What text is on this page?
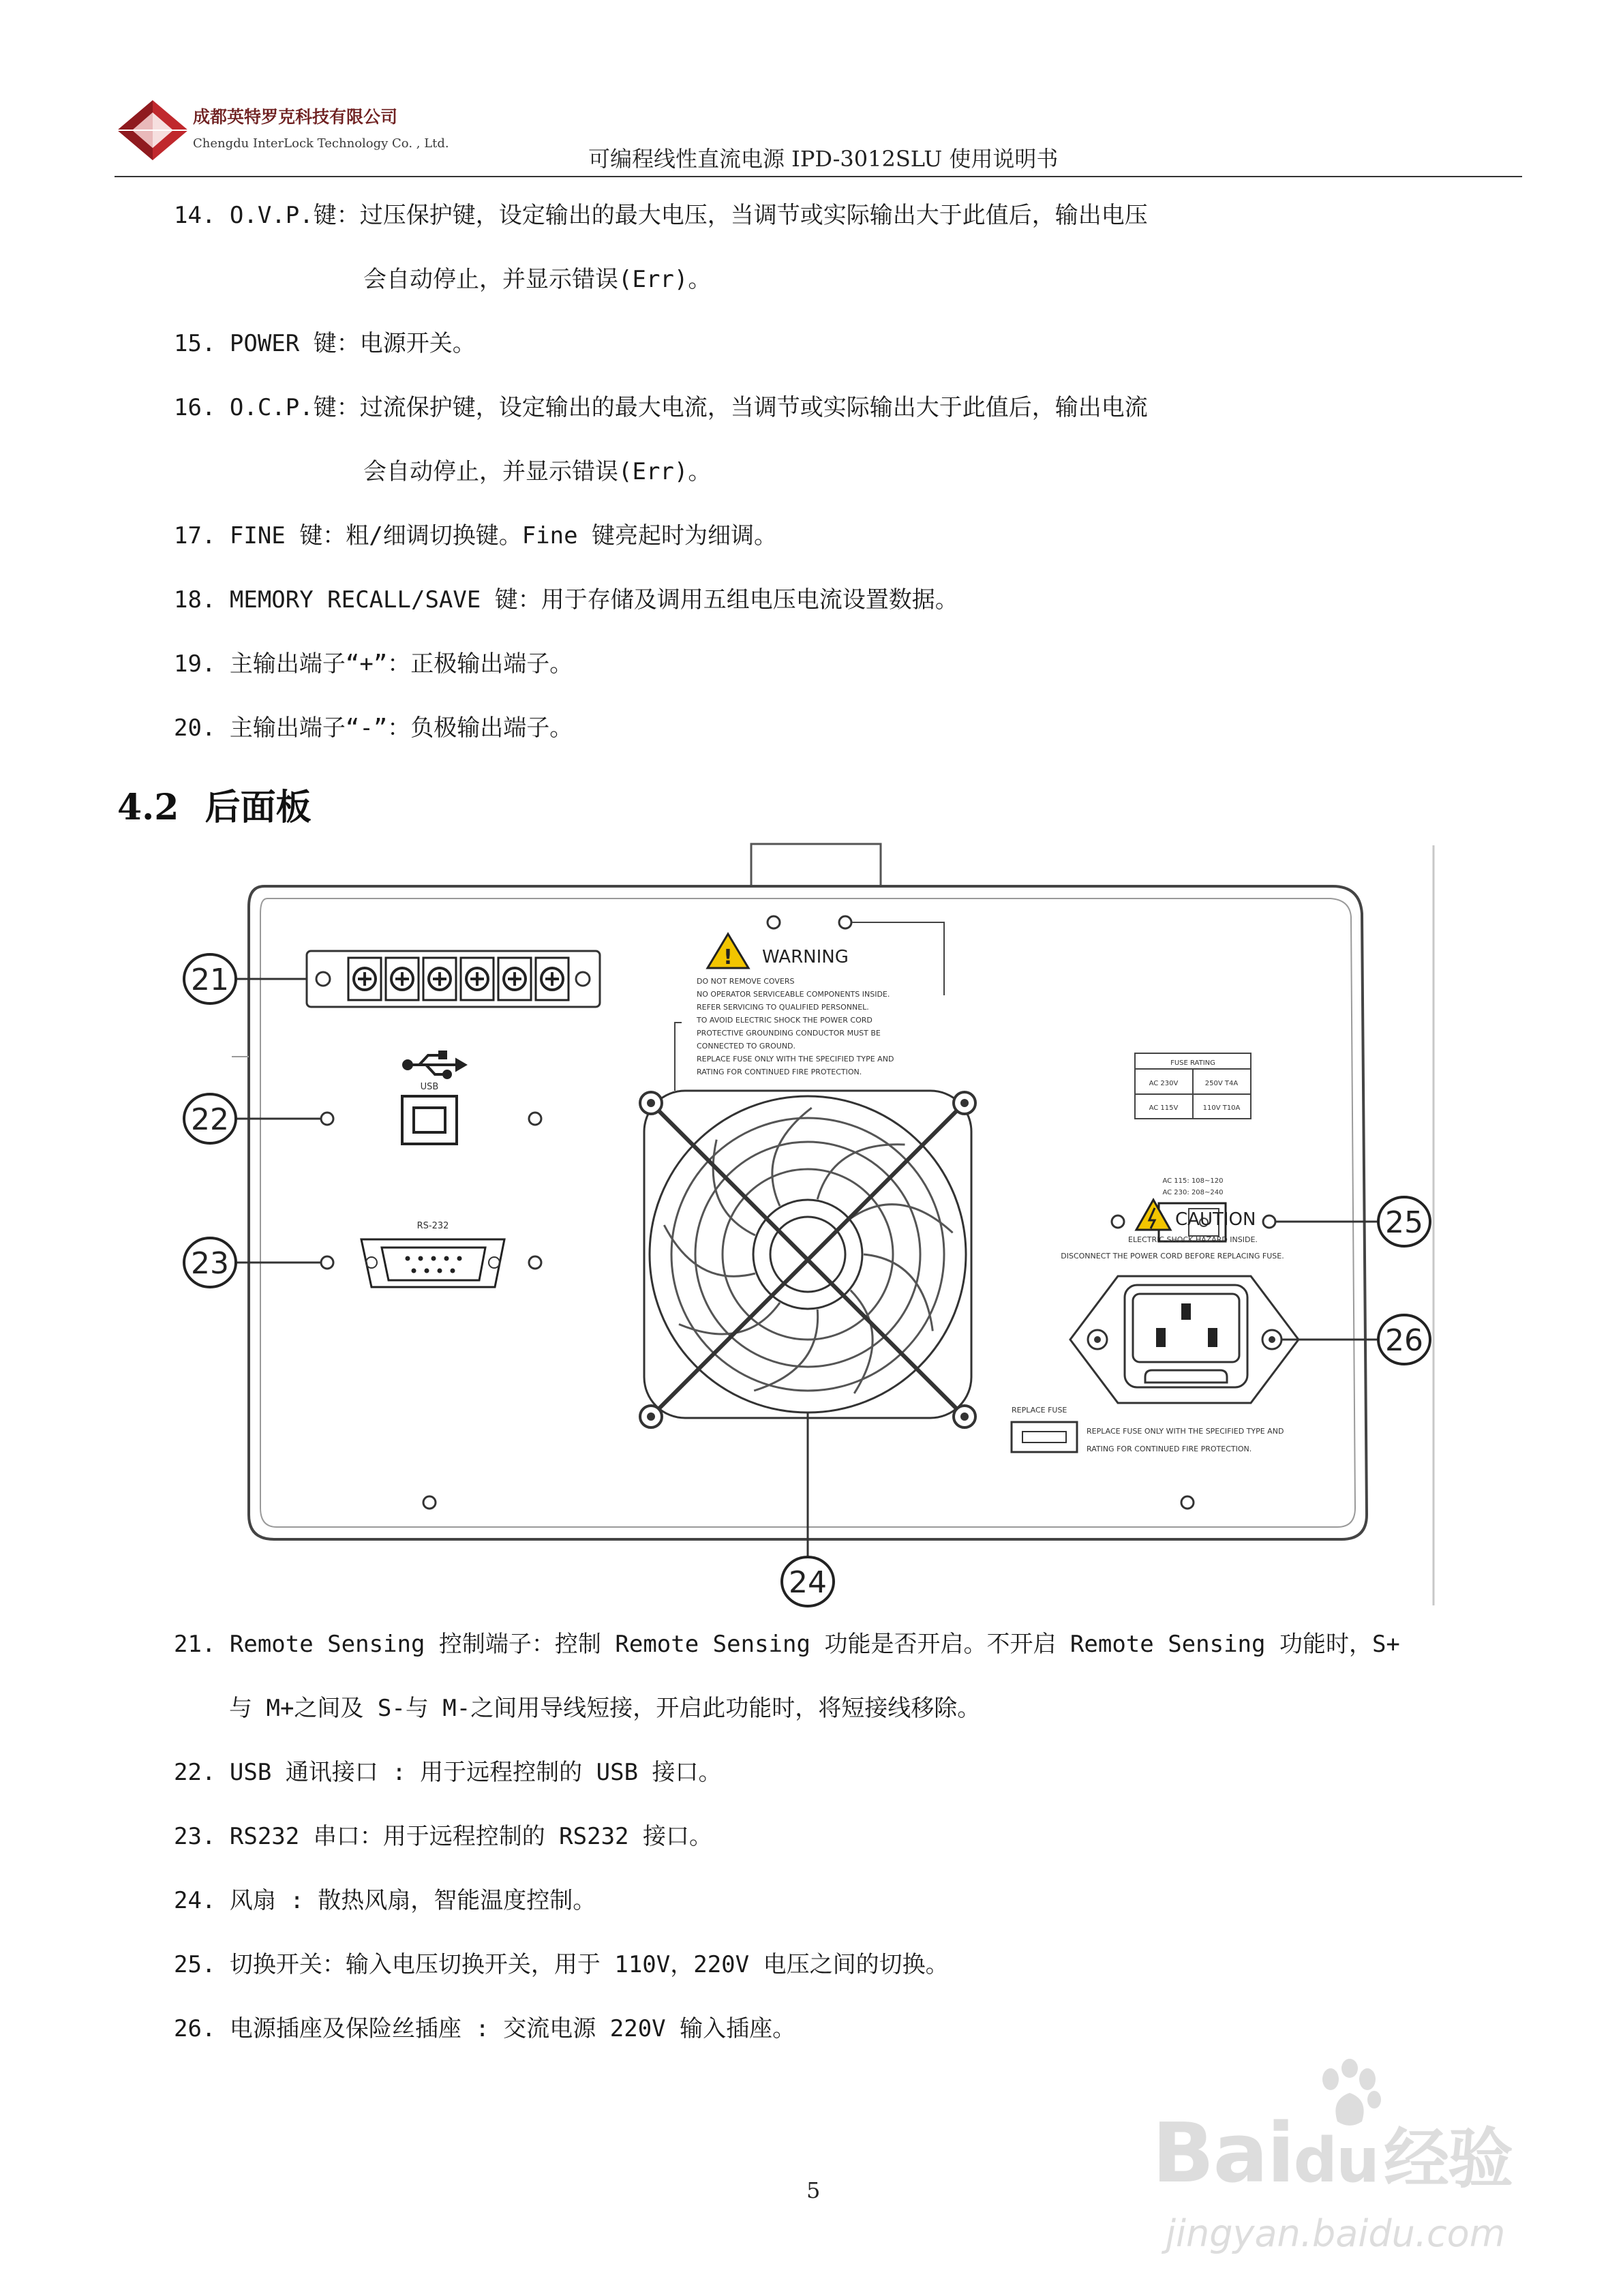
成都英特罗克科技有限公司
Chengdu InterLock Technology Co. , Ltd.
可编程线性直流电源 IPD-3012SLU 使用说明书
14. O.V.P.键：过压保护键，设定输出的最大电压，当调节或实际输出大于此值后，输出电压
会自动停止，并显示错误(Err)。
15. POWER 键：电源开关。
16. O.C.P.键：过流保护键，设定输出的最大电流，当调节或实际输出大于此值后，输出电流
会自动停止，并显示错误(Err)。
17. FINE 键：粗/细调切换键。Fine 键亮起时为细调。
18. MEMORY RECALL/SAVE 键：用于存储及调用五组电压电流设置数据。
19. 主输出端子“+”：正极输出端子。
20. 主输出端子“-”：负极输出端子。
4.2 后面板
!
21
22
23
24
25
26
USB
RS-232
WARNING
DO NOT REMOVE COVERS
NO OPERATOR SERVICEABLE COMPONENTS INSIDE.
REFER SERVICING TO QUALIFIED PERSONNEL.
TO AVOID ELECTRIC SHOCK THE POWER CORD
PROTECTIVE GROUNDING CONDUCTOR MUST BE
CONNECTED TO GROUND.
REPLACE FUSE ONLY WITH THE SPECIFIED TYPE AND
RATING FOR CONTINUED FIRE PROTECTION.
FUSE RATING
AC 230V	250V T4A
AC 115V	110V T10A
AC 115: 108~120
AC 230: 208~240
CAUTION
ELECTRIC SHOCK HAZARD INSIDE.
DISCONNECT THE POWER CORD BEFORE REPLACING FUSE.
REPLACE FUSE
REPLACE FUSE ONLY WITH THE SPECIFIED TYPE AND
RATING FOR CONTINUED FIRE PROTECTION.
21. Remote Sensing 控制端子：控制 Remote Sensing 功能是否开启。不开启 Remote Sensing 功能时，S+
与 M+之间及 S-与 M-之间用导线短接，开启此功能时，将短接线移除。
22. USB 通讯接口 : 用于远程控制的 USB 接口。
23. RS232 串口：用于远程控制的 RS232 接口。
24. 风扇 : 散热风扇，智能温度控制。
25. 切换开关：输入电压切换开关，用于 110V，220V 电压之间的切换。
26. 电源插座及保险丝插座 : 交流电源 220V 输入插座。
5	Baidu经验
jingyan.baidu.com
